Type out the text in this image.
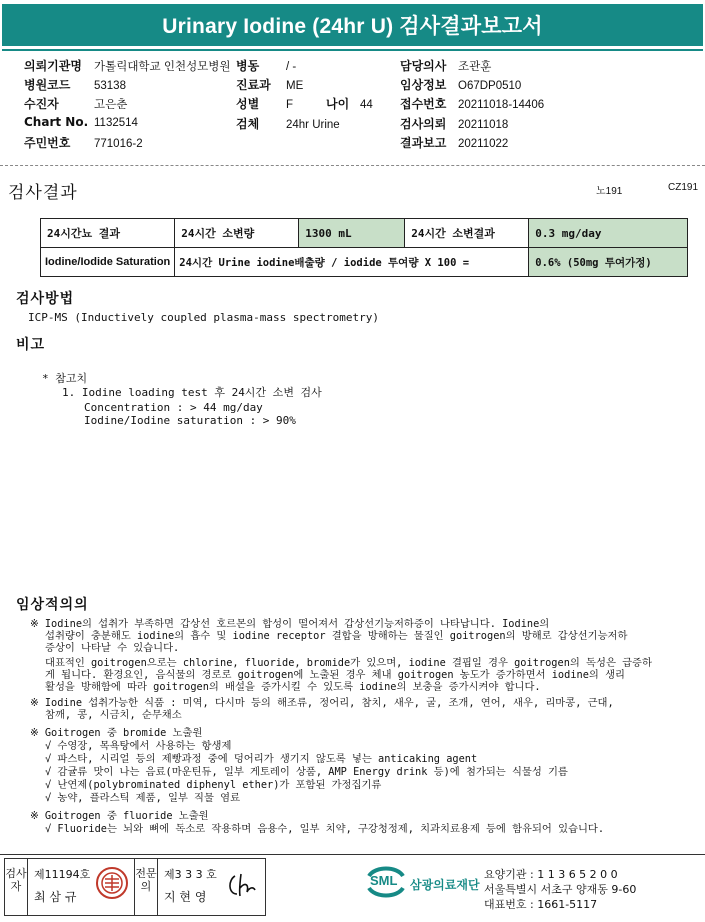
Urinary Iodine (24hr U) 검사결과보고서
의뢰기관명 가톨릭대학교 인천성모병원
병원코드 53138
수진자	고은춘
Chart No. 1132514
주민번호 771016-2
병동 / -
진료과 ME
성별 F	나이 44
검체 24hr Urine
담당의사 조관훈
임상정보 O67DP0510
접수번호 20211018-14406
검사의뢰 20211018
결과보고 20211022
검사결과	노191	CZ191
24시간뇨 결과	24시간 소변량	1300 mL	24시간 소변결과	0.3 mg/day
Iodine/Iodide Saturation	24시간 Urine iodine배출량 / iodide 투여량 X 100 =			0.6% (50mg 투여가정)
검사방법
ICP-MS (Inductively coupled plasma-mass spectrometry)
비고
* 참고치
1. Iodine loading test 후 24시간 소변 검사
Concentration : > 44 mg/day
Iodine/Iodine saturation : > 90%
임상적의의
※ Iodine의 섭취가 부족하면 갑상선 호르몬의 합성이 떨어져서 갑상선기능저하증이 나타납니다. Iodine의
섭취량이 충분해도 iodine의 흡수 및 iodine receptor 결합을 방해하는 물질인 goitrogen의 방해로 갑상선기능저하
증상이 나타날 수 있습니다.
대표적인 goitrogen으로는 chlorine, fluoride, bromide가 있으며, iodine 결핍일 경우 goitrogen의 독성은 급증하
게 됩니다. 환경요인, 음식물의 경로로 goitrogen에 노출된 경우 체내 goitrogen 농도가 증가하면서 iodine의 생리
활성을 방해함에 따라 goitrogen의 배설을 증가시킬 수 있도록 iodine의 보충을 증가시켜야 합니다.
※ Iodine 섭취가능한 식품 : 미역, 다시마 등의 해조류, 정어리, 참치, 새우, 굴, 조개, 연어, 새우, 리마콩, 근대,
참깨, 콩, 시금치, 순무채소
※ Goitrogen 중 bromide 노출원
√ 수영장, 목욕탕에서 사용하는 항생제
√ 파스타, 시리얼 등의 제빵과정 중에 덩어리가 생기지 않도록 넣는 anticaking agent
√ 감귤류 맛이 나는 음료(마운틴듀, 일부 게토레이 상품, AMP Energy drink 등)에 첨가되는 식물성 기름
√ 난연제(polybrominated diphenyl ether)가 포함된 가정집기류
√ 농약, 플라스틱 제품, 일부 직물 염료
※ Goitrogen 중 fluoride 노출원
√ Fluoride는 뇌와 뼈에 독소로 작용하며 음용수, 일부 치약, 구강청정제, 치과치료용제 등에 함유되어 있습니다.
검사자
제11194호
최 삼 규
전문의
제3 3 3 호
지 현 영
SML 삼광의료재단
요양기관 : 1 1 3 6 5 2 0 0
서울특별시 서초구 양재동 9-60
대표번호 : 1661-5117
